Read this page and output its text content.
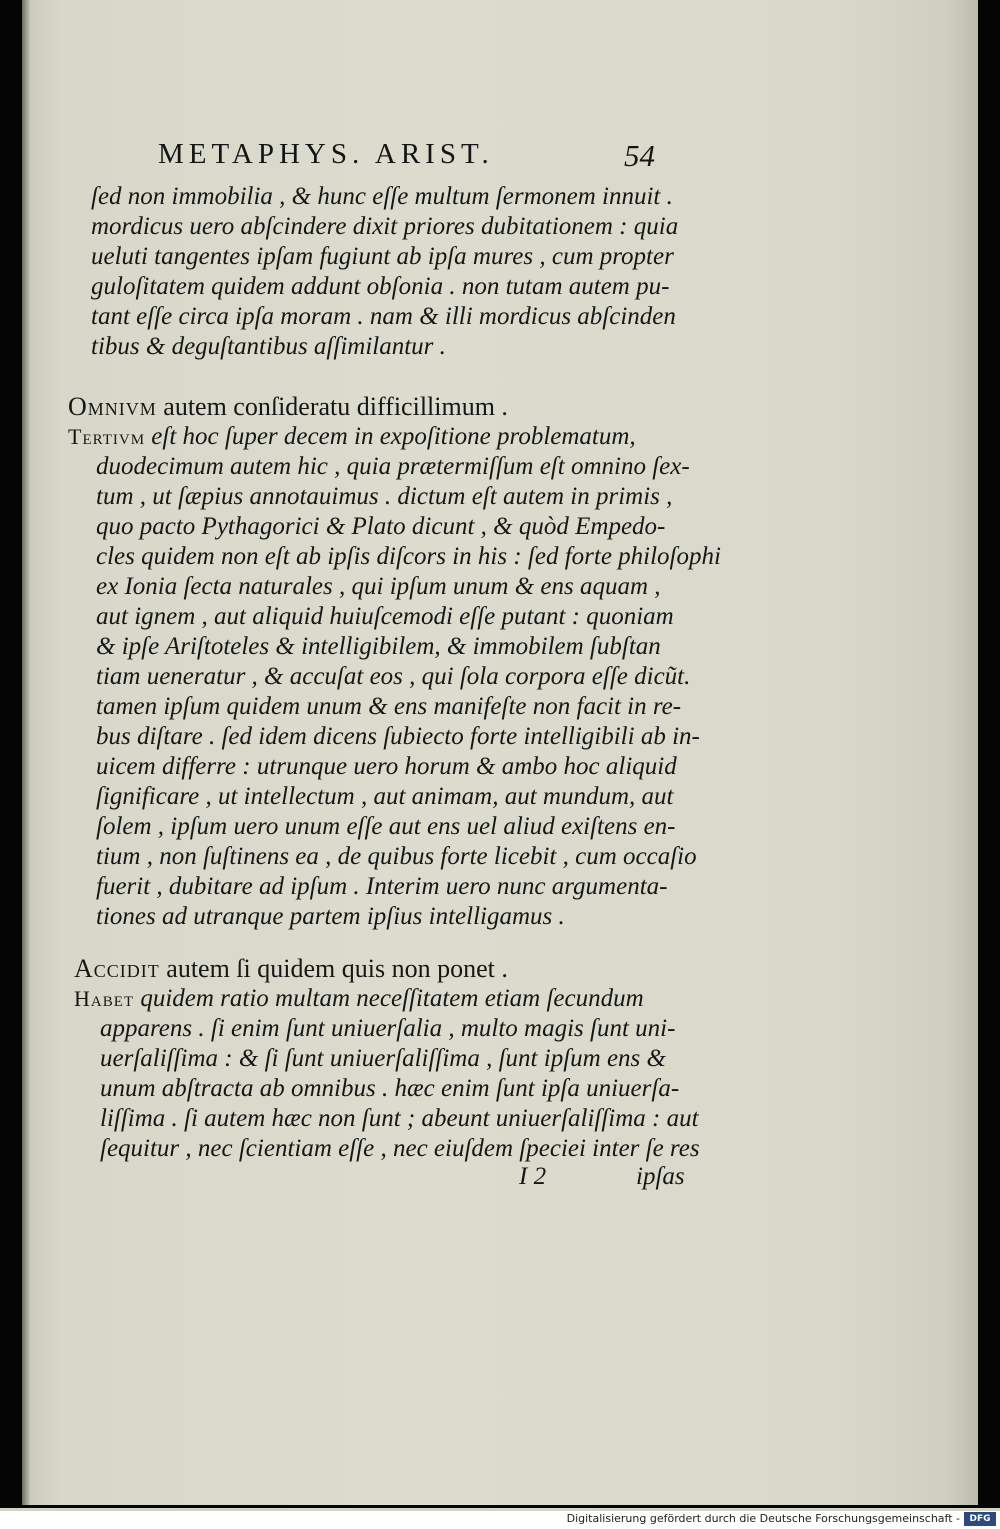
METAPHYS. ARIST.	54
ſed non immobilia , & hunc eſſe multum ſermonem innuit .
mordicus uero abſcindere dixit priores dubitationem : quia
ueluti tangentes ipſam fugiunt ab ipſa mures , cum propter
guloſitatem quidem addunt obſonia . non tutam autem pu-
tant eſſe circa ipſa moram . nam & illi mordicus abſcinden
tibus & deguſtantibus aſſimilantur .
Omnivm autem conſideratu difficillimum .
Tertivm eſt hoc ſuper decem in expoſitione problematum,
duodecimum autem hic , quia prætermiſſum eſt omnino ſex-
tum , ut ſæpius annotauimus . dictum eſt autem in primis ,
quo pacto Pythagorici & Plato dicunt , & quòd Empedo-
cles quidem non eſt ab ipſis diſcors in his : ſed forte philoſophi
ex Ionia ſecta naturales , qui ipſum unum & ens aquam ,
aut ignem , aut aliquid huiuſcemodi eſſe putant : quoniam
& ipſe Ariſtoteles & intelligibilem, & immobilem ſubſtan
tiam ueneratur , & accuſat eos , qui ſola corpora eſſe dicũt.
tamen ipſum quidem unum & ens manifeſte non facit in re-
bus diſtare . ſed idem dicens ſubiecto forte intelligibili ab in-
uicem differre : utrunque uero horum & ambo hoc aliquid
ſignificare , ut intellectum , aut animam, aut mundum, aut
ſolem , ipſum uero unum eſſe aut ens uel aliud exiſtens en-
tium , non ſuſtinens ea , de quibus forte licebit , cum occaſio
fuerit , dubitare ad ipſum . Interim uero nunc argumenta-
tiones ad utranque partem ipſius intelligamus .
Accidit autem ſi quidem quis non ponet .
Habet quidem ratio multam neceſſitatem etiam ſecundum
apparens . ſi enim ſunt uniuerſalia , multo magis ſunt uni-
uerſaliſſima : & ſi ſunt uniuerſaliſſima , ſunt ipſum ens &
unum abſtracta ab omnibus . hæc enim ſunt ipſa uniuerſa-
liſſima . ſi autem hæc non ſunt ; abeunt uniuerſaliſſima : aut
ſequitur , nec ſcientiam eſſe , nec eiuſdem ſpeciei inter ſe res
I 2	ipſas
Digitalisierung gefördert durch die Deutsche Forschungsgemeinschaft -	DFG
